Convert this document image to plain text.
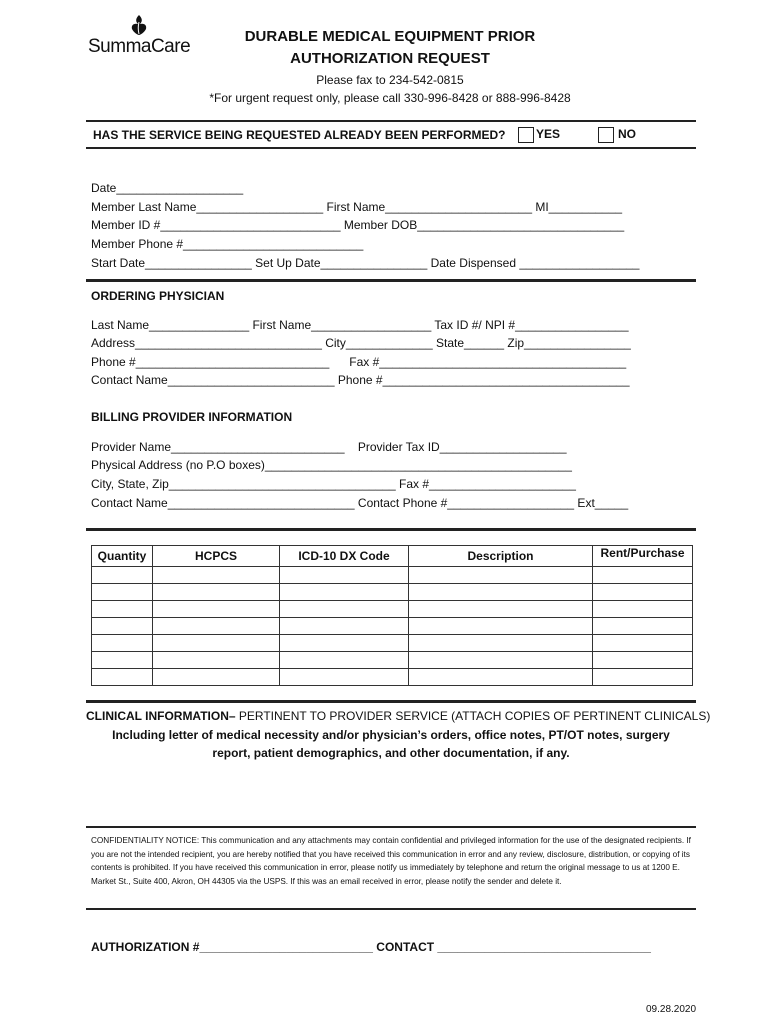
SummaCare	DURABLE MEDICAL EQUIPMENT PRIOR
AUTHORIZATION REQUEST
Please fax to 234-542-0815
*For urgent request only, please call 330-996-8428 or 888-996-8428
HAS THE SERVICE BEING REQUESTED ALREADY BEEN PERFORMED?	YES	NO
Date___________________
Member Last Name___________________ First Name______________________ MI___________
Member ID #___________________________ Member DOB_______________________________
Member Phone #___________________________
Start Date________________ Set Up Date________________ Date Dispensed __________________
ORDERING PHYSICIAN
Last Name_______________ First Name__________________ Tax ID #/ NPI #_________________
Address____________________________ City_____________ State______ Zip________________
Phone #_____________________________      Fax #_____________________________________
Contact Name_________________________ Phone #_____________________________________
BILLING PROVIDER INFORMATION
Provider Name__________________________    Provider Tax ID___________________
Physical Address (no P.O boxes)______________________________________________
City, State, Zip__________________________________ Fax #______________________
Contact Name____________________________ Contact Phone #___________________ Ext_____
Quantity	HCPCS	ICD-10 DX Code	Description	Rent/Purchase

CLINICAL INFORMATION– PERTINENT TO PROVIDER SERVICE (ATTACH COPIES OF PERTINENT CLINICALS)
Including letter of medical necessity and/or physician’s orders, office notes, PT/OT notes, surgery
report, patient demographics, and other documentation, if any.
CONFIDENTIALITY NOTICE: This communication and any attachments may contain confidential and privileged information for the use of the designated recipients. If you are not the intended recipient, you are hereby notified that you have received this communication in error and any review, disclosure, distribution, or copying of its contents is prohibited. If you have received this communication in error, please notify us immediately by telephone and return the original message to us at 1200 E. Market St., Suite 400, Akron, OH 44305 via the USPS. If this was an email received in error, please notify the sender and delete it.
AUTHORIZATION #__________________________ CONTACT ________________________________
09.28.2020
